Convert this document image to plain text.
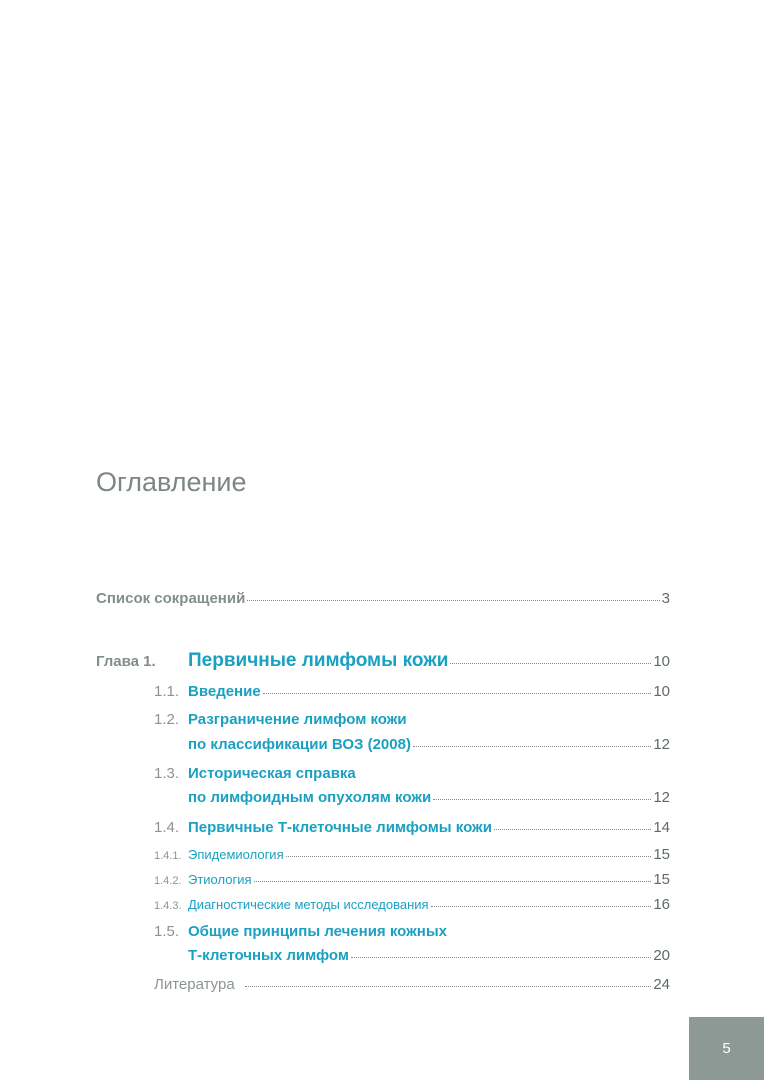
Оглавление
Список сокращений	3
Глава 1.	Первичные лимфомы кожи	10
1.1. Введение	10
1.2. Разграничение лимфом кожи
по классификации ВОЗ (2008)	12
1.3. Историческая справка
по лимфоидным опухолям кожи	12
1.4. Первичные Т-клеточные лимфомы кожи	14
1.4.1. Эпидемиология	15
1.4.2. Этиология	15
1.4.3. Диагностические методы исследования	16
1.5. Общие принципы лечения кожных
Т-клеточных лимфом	20
Литература	24
5
